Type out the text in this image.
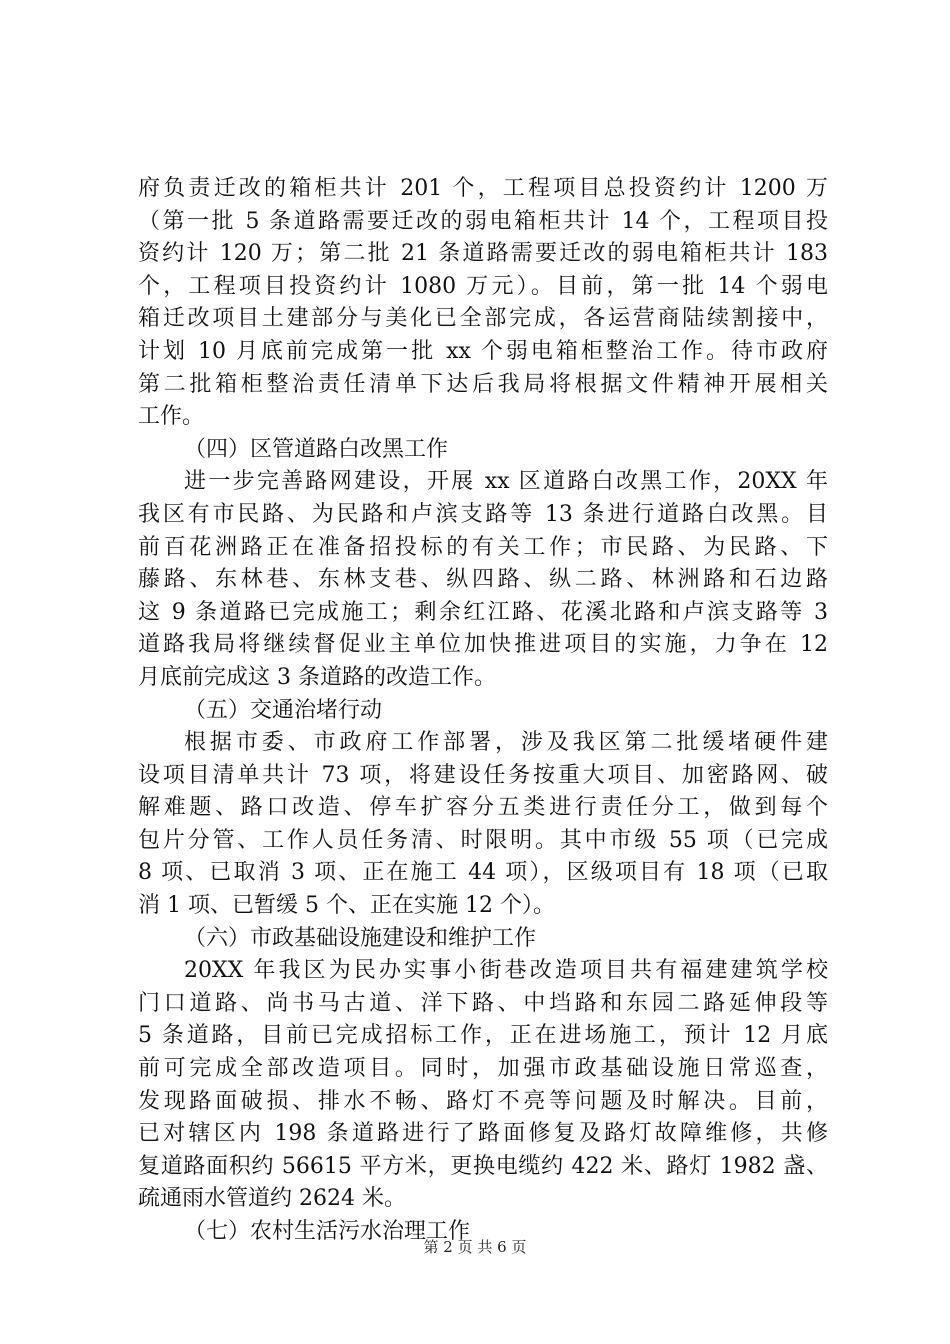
府负责迁改的箱柜共计 201 个，工程项目总投资约计 1200 万
（第一批 5 条道路需要迁改的弱电箱柜共计 14 个，工程项目投
资约计 120 万；第二批 21 条道路需要迁改的弱电箱柜共计 183
个，工程项目投资约计 1080 万元）。目前，第一批 14 个弱电
箱迁改项目土建部分与美化已全部完成，各运营商陆续割接中，
计划 10 月底前完成第一批 xx 个弱电箱柜整治工作。待市政府
第二批箱柜整治责任清单下达后我局将根据文件精神开展相关
工作。
（四）区管道路白改黑工作
进一步完善路网建设，开展 xx 区道路白改黑工作，20XX 年
我区有市民路、为民路和卢滨支路等 13 条进行道路白改黑。目
前百花洲路正在准备招投标的有关工作；市民路、为民路、下
藤路、东林巷、东林支巷、纵四路、纵二路、林洲路和石边路
这 9 条道路已完成施工；剩余红江路、花溪北路和卢滨支路等 3
道路我局将继续督促业主单位加快推进项目的实施，力争在 12
月底前完成这 3 条道路的改造工作。
（五）交通治堵行动
根据市委、市政府工作部署，涉及我区第二批缓堵硬件建
设项目清单共计 73 项，将建设任务按重大项目、加密路网、破
解难题、路口改造、停车扩容分五类进行责任分工，做到每个
包片分管、工作人员任务清、时限明。其中市级 55 项（已完成
8 项、已取消 3 项、正在施工 44 项），区级项目有 18 项（已取
消 1 项、已暂缓 5 个、正在实施 12 个）。
（六）市政基础设施建设和维护工作
20XX 年我区为民办实事小街巷改造项目共有福建建筑学校
门口道路、尚书马古道、洋下路、中垱路和东园二路延伸段等
5 条道路，目前已完成招标工作，正在进场施工，预计 12 月底
前可完成全部改造项目。同时，加强市政基础设施日常巡查，
发现路面破损、排水不畅、路灯不亮等问题及时解决。目前，
已对辖区内 198 条道路进行了路面修复及路灯故障维修，共修
复道路面积约 56615 平方米，更换电缆约 422 米、路灯 1982 盏、
疏通雨水管道约 2624 米。
（七）农村生活污水治理工作
第 2 页 共 6 页
